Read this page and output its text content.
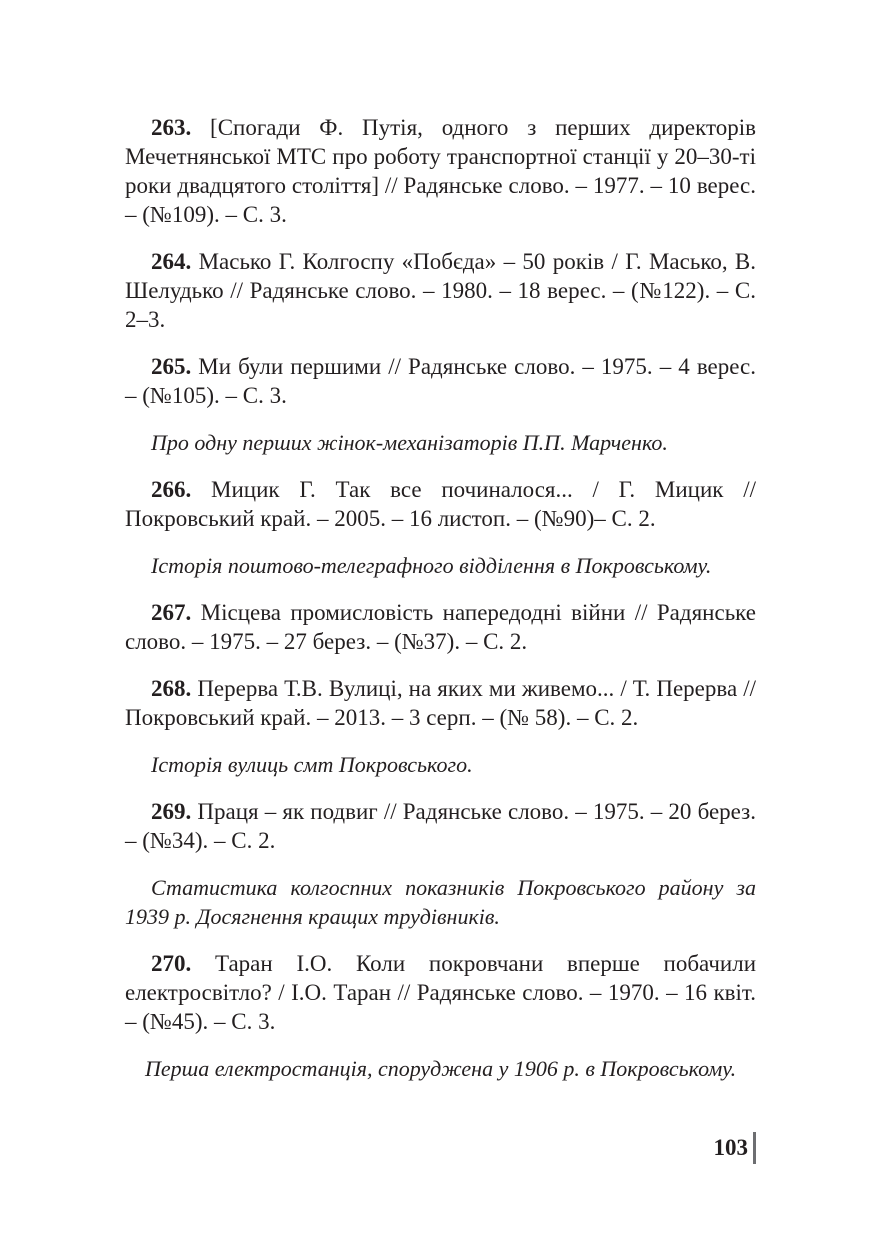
263. [Спогади Ф. Путія, одного з перших директорів Мечетнянської МТС про роботу транспортної станції у 20–30-ті роки двадцятого століття] // Радянське слово. – 1977. – 10 верес. – (№109). – С. 3.

264. Масько Г. Колгоспу «Побєда» – 50 років / Г. Масько, В. Шелудько // Радянське слово. – 1980. – 18 верес. – (№122). – С. 2–3.

265. Ми були першими // Радянське слово. – 1975. – 4 верес. – (№105). – С. 3.

Про одну перших жінок-механізаторів П.П. Марченко.

266. Мицик Г. Так все починалося... / Г. Мицик // Покровський край. – 2005. – 16 листоп. – (№90)– С. 2.

Історія поштово-телеграфного відділення в Покровському.

267. Місцева промисловість напередодні війни // Радянське слово. – 1975. – 27 берез. – (№37). – С. 2.

268. Перерва Т.В. Вулиці, на яких ми живемо... / Т. Перерва // Покровський край. – 2013. – 3 серп. – (№ 58). – С. 2.

Історія вулиць смт Покровського.

269. Праця – як подвиг // Радянське слово. – 1975. – 20 берез. – (№34). – С. 2.

Статистика колгоспних показників Покровського району за 1939 р. Досягнення кращих трудівників.

270. Таран І.О. Коли покровчани вперше побачили електросвітло? / І.О. Таран // Радянське слово. – 1970. – 16 квіт. – (№45). – С. 3.

Перша електростанція, споруджена у 1906 р. в Покровському.

103
